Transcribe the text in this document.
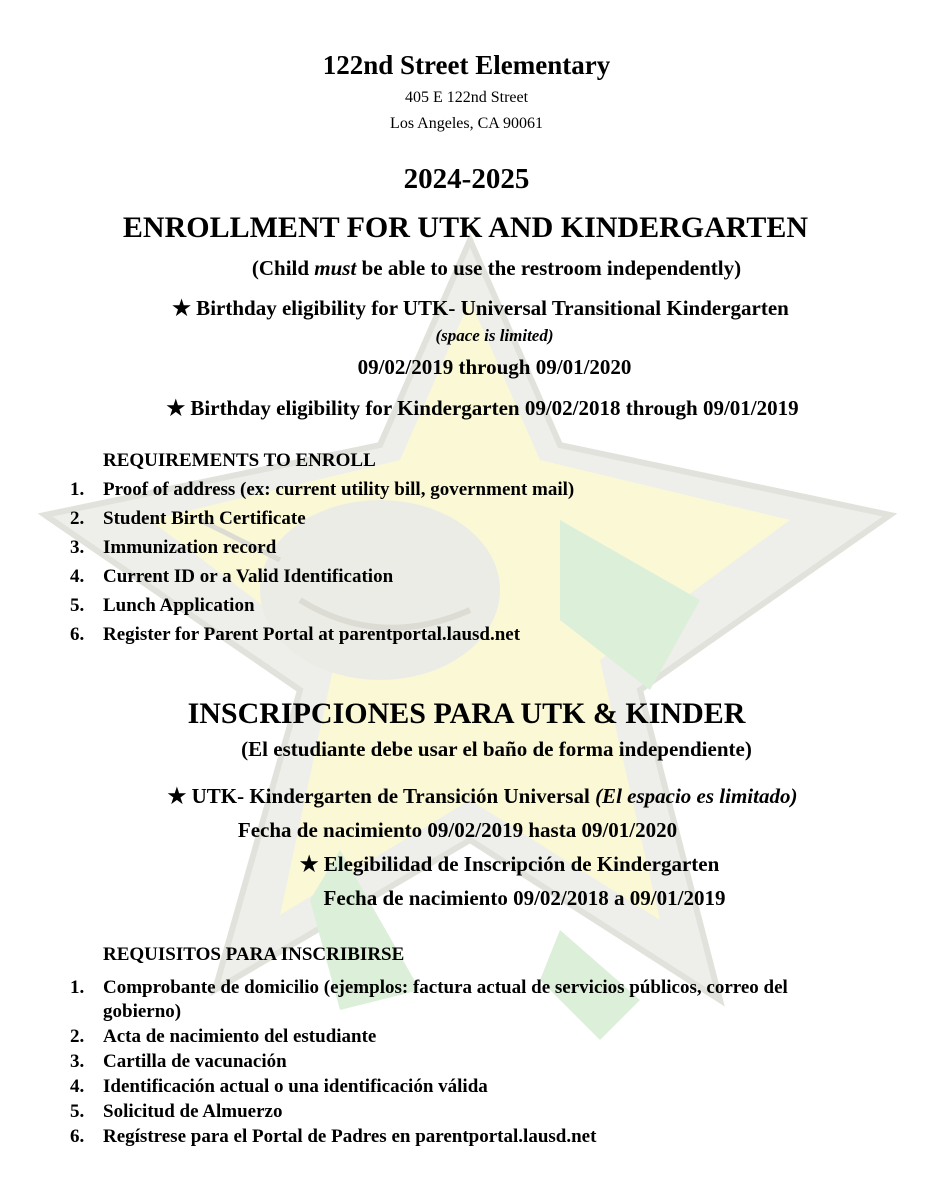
122nd Street Elementary
405 E 122nd Street
Los Angeles, CA 90061
2024-2025
ENROLLMENT FOR UTK AND KINDERGARTEN
(Child must be able to use the restroom independently)
★ Birthday eligibility for UTK- Universal Transitional Kindergarten
(space is limited)
09/02/2019 through 09/01/2020
★ Birthday eligibility for Kindergarten 09/02/2018 through 09/01/2019
REQUIREMENTS TO ENROLL
1. Proof of address (ex: current utility bill, government mail)
2. Student Birth Certificate
3. Immunization record
4. Current ID or a Valid Identification
5. Lunch Application
6. Register for Parent Portal at parentportal.lausd.net
INSCRIPCIONES PARA UTK & KINDER
(El estudiante debe usar el baño de forma independiente)
★ UTK- Kindergarten de Transición Universal (El espacio es limitado)
Fecha de nacimiento 09/02/2019 hasta 09/01/2020
★ Elegibilidad de Inscripción de Kindergarten
Fecha de nacimiento 09/02/2018 a 09/01/2019
REQUISITOS PARA INSCRIBIRSE
1. Comprobante de domicilio (ejemplos: factura actual de servicios públicos, correo del gobierno)
2. Acta de nacimiento del estudiante
3. Cartilla de vacunación
4. Identificación actual o una identificación válida
5. Solicitud de Almuerzo
6. Regístrese para el Portal de Padres en parentportal.lausd.net
